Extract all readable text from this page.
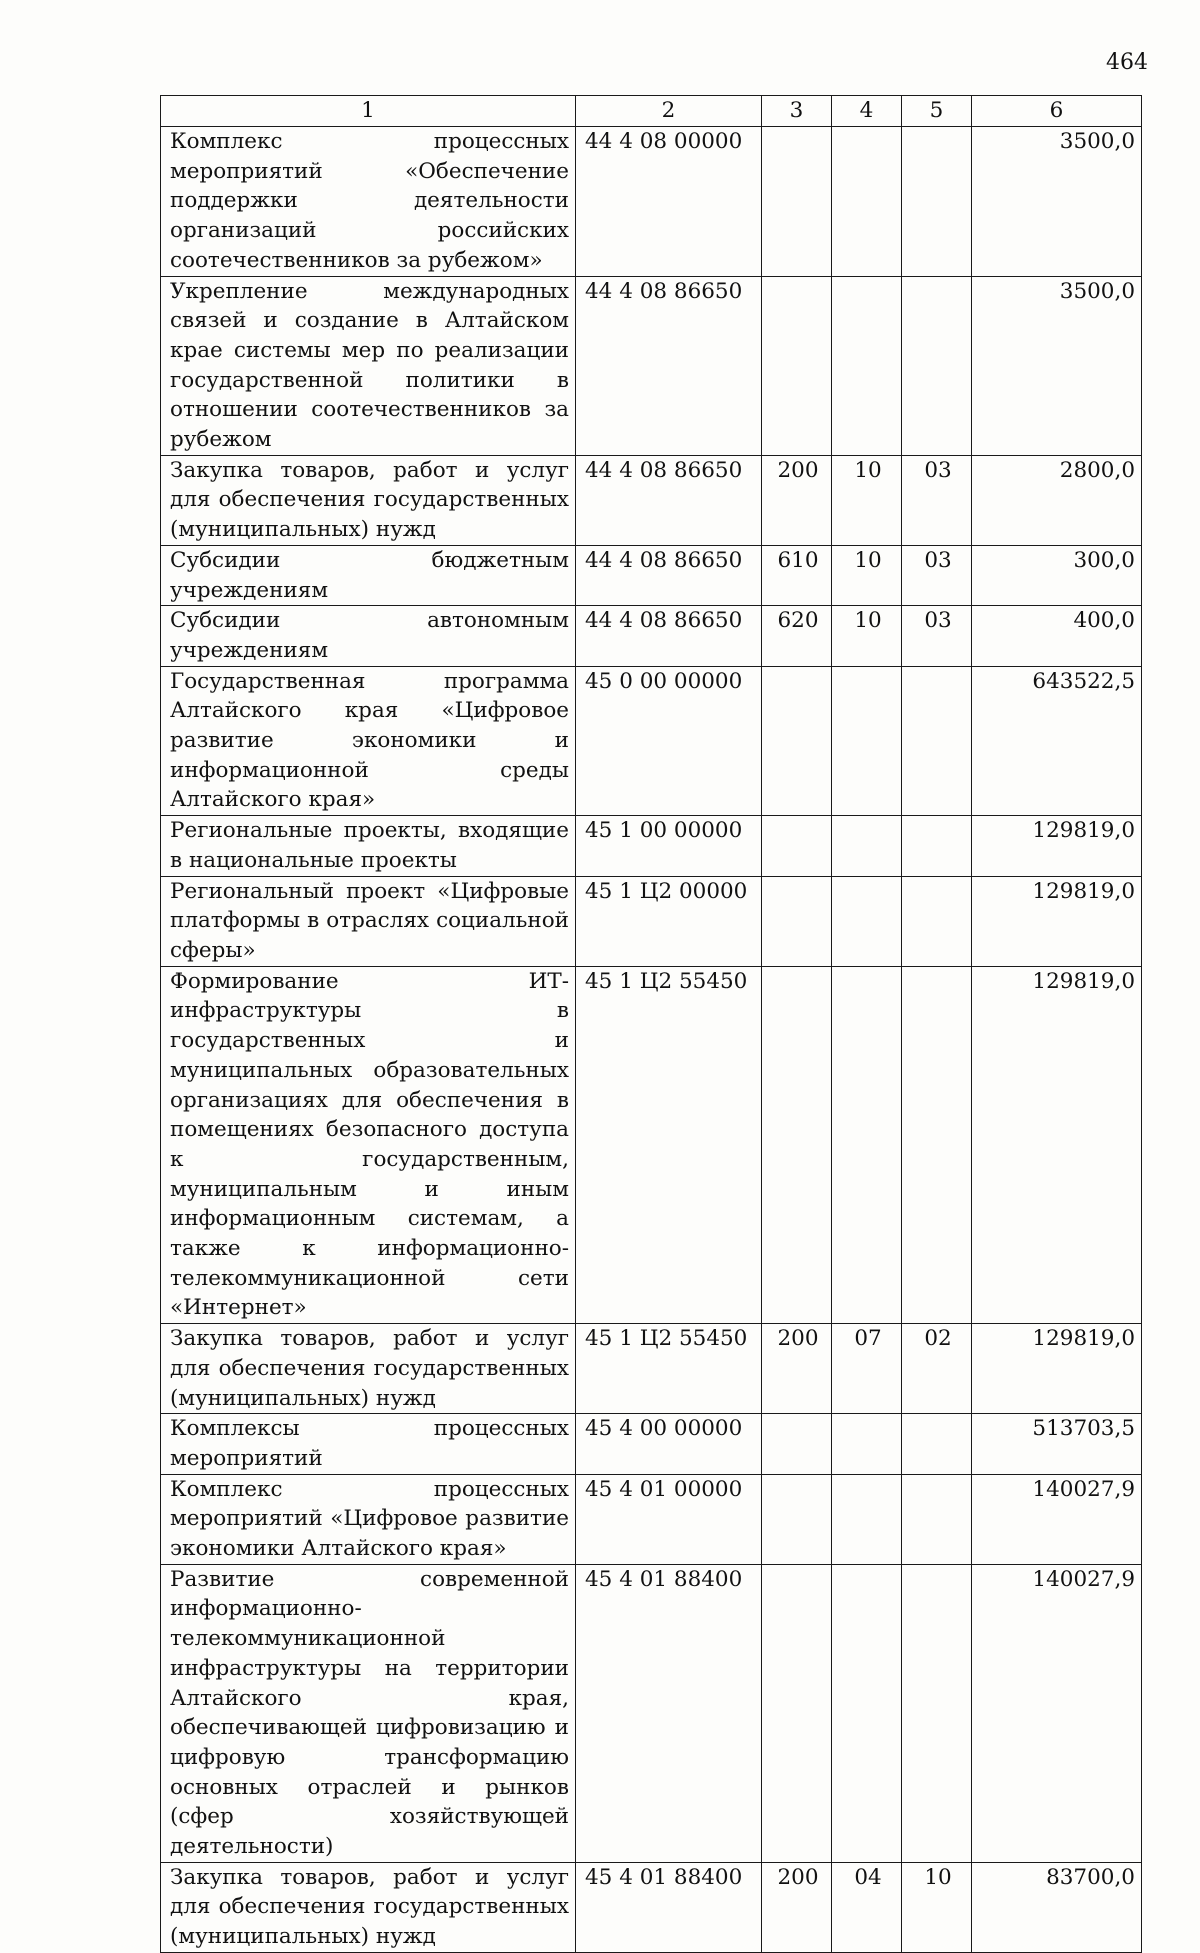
464
1	2	3	4	5	6
Комплекс процессных мероприятий «Обеспечение поддержки деятельности организаций российских соотечественников за рубежом»	44 4 08 00000				3500,0
Укрепление международных связей и создание в Алтайском крае системы мер по реализации государственной политики в отношении соотечественников за рубежом	44 4 08 86650				3500,0
Закупка товаров, работ и услуг для обеспечения государственных (муниципальных) нужд	44 4 08 86650	200	10	03	2800,0
Субсидии бюджетным учреждениям	44 4 08 86650	610	10	03	300,0
Субсидии автономным учреждениям	44 4 08 86650	620	10	03	400,0
Государственная программа Алтайского края «Цифровое развитие экономики и информационной среды Алтайского края»	45 0 00 00000				643522,5
Региональные проекты, входящие в национальные проекты	45 1 00 00000				129819,0
Региональный проект «Цифровые платформы в отраслях социальной сферы»	45 1 Ц2 00000				129819,0
Формирование ИТ-инфраструктуры в государственных и муниципальных образовательных организациях для обеспечения в помещениях безопасного доступа к государственным, муниципальным и иным информационным системам, а также к информационно-телекоммуникационной сети «Интернет»	45 1 Ц2 55450				129819,0
Закупка товаров, работ и услуг для обеспечения государственных (муниципальных) нужд	45 1 Ц2 55450	200	07	02	129819,0
Комплексы процессных мероприятий	45 4 00 00000				513703,5
Комплекс процессных мероприятий «Цифровое развитие экономики Алтайского края»	45 4 01 00000				140027,9
Развитие современной информационно-телекоммуникационной инфраструктуры на территории Алтайского края, обеспечивающей цифровизацию и цифровую трансформацию основных отраслей и рынков (сфер хозяйствующей деятельности)	45 4 01 88400				140027,9
Закупка товаров, работ и услуг для обеспечения государственных (муниципальных) нужд	45 4 01 88400	200	04	10	83700,0
